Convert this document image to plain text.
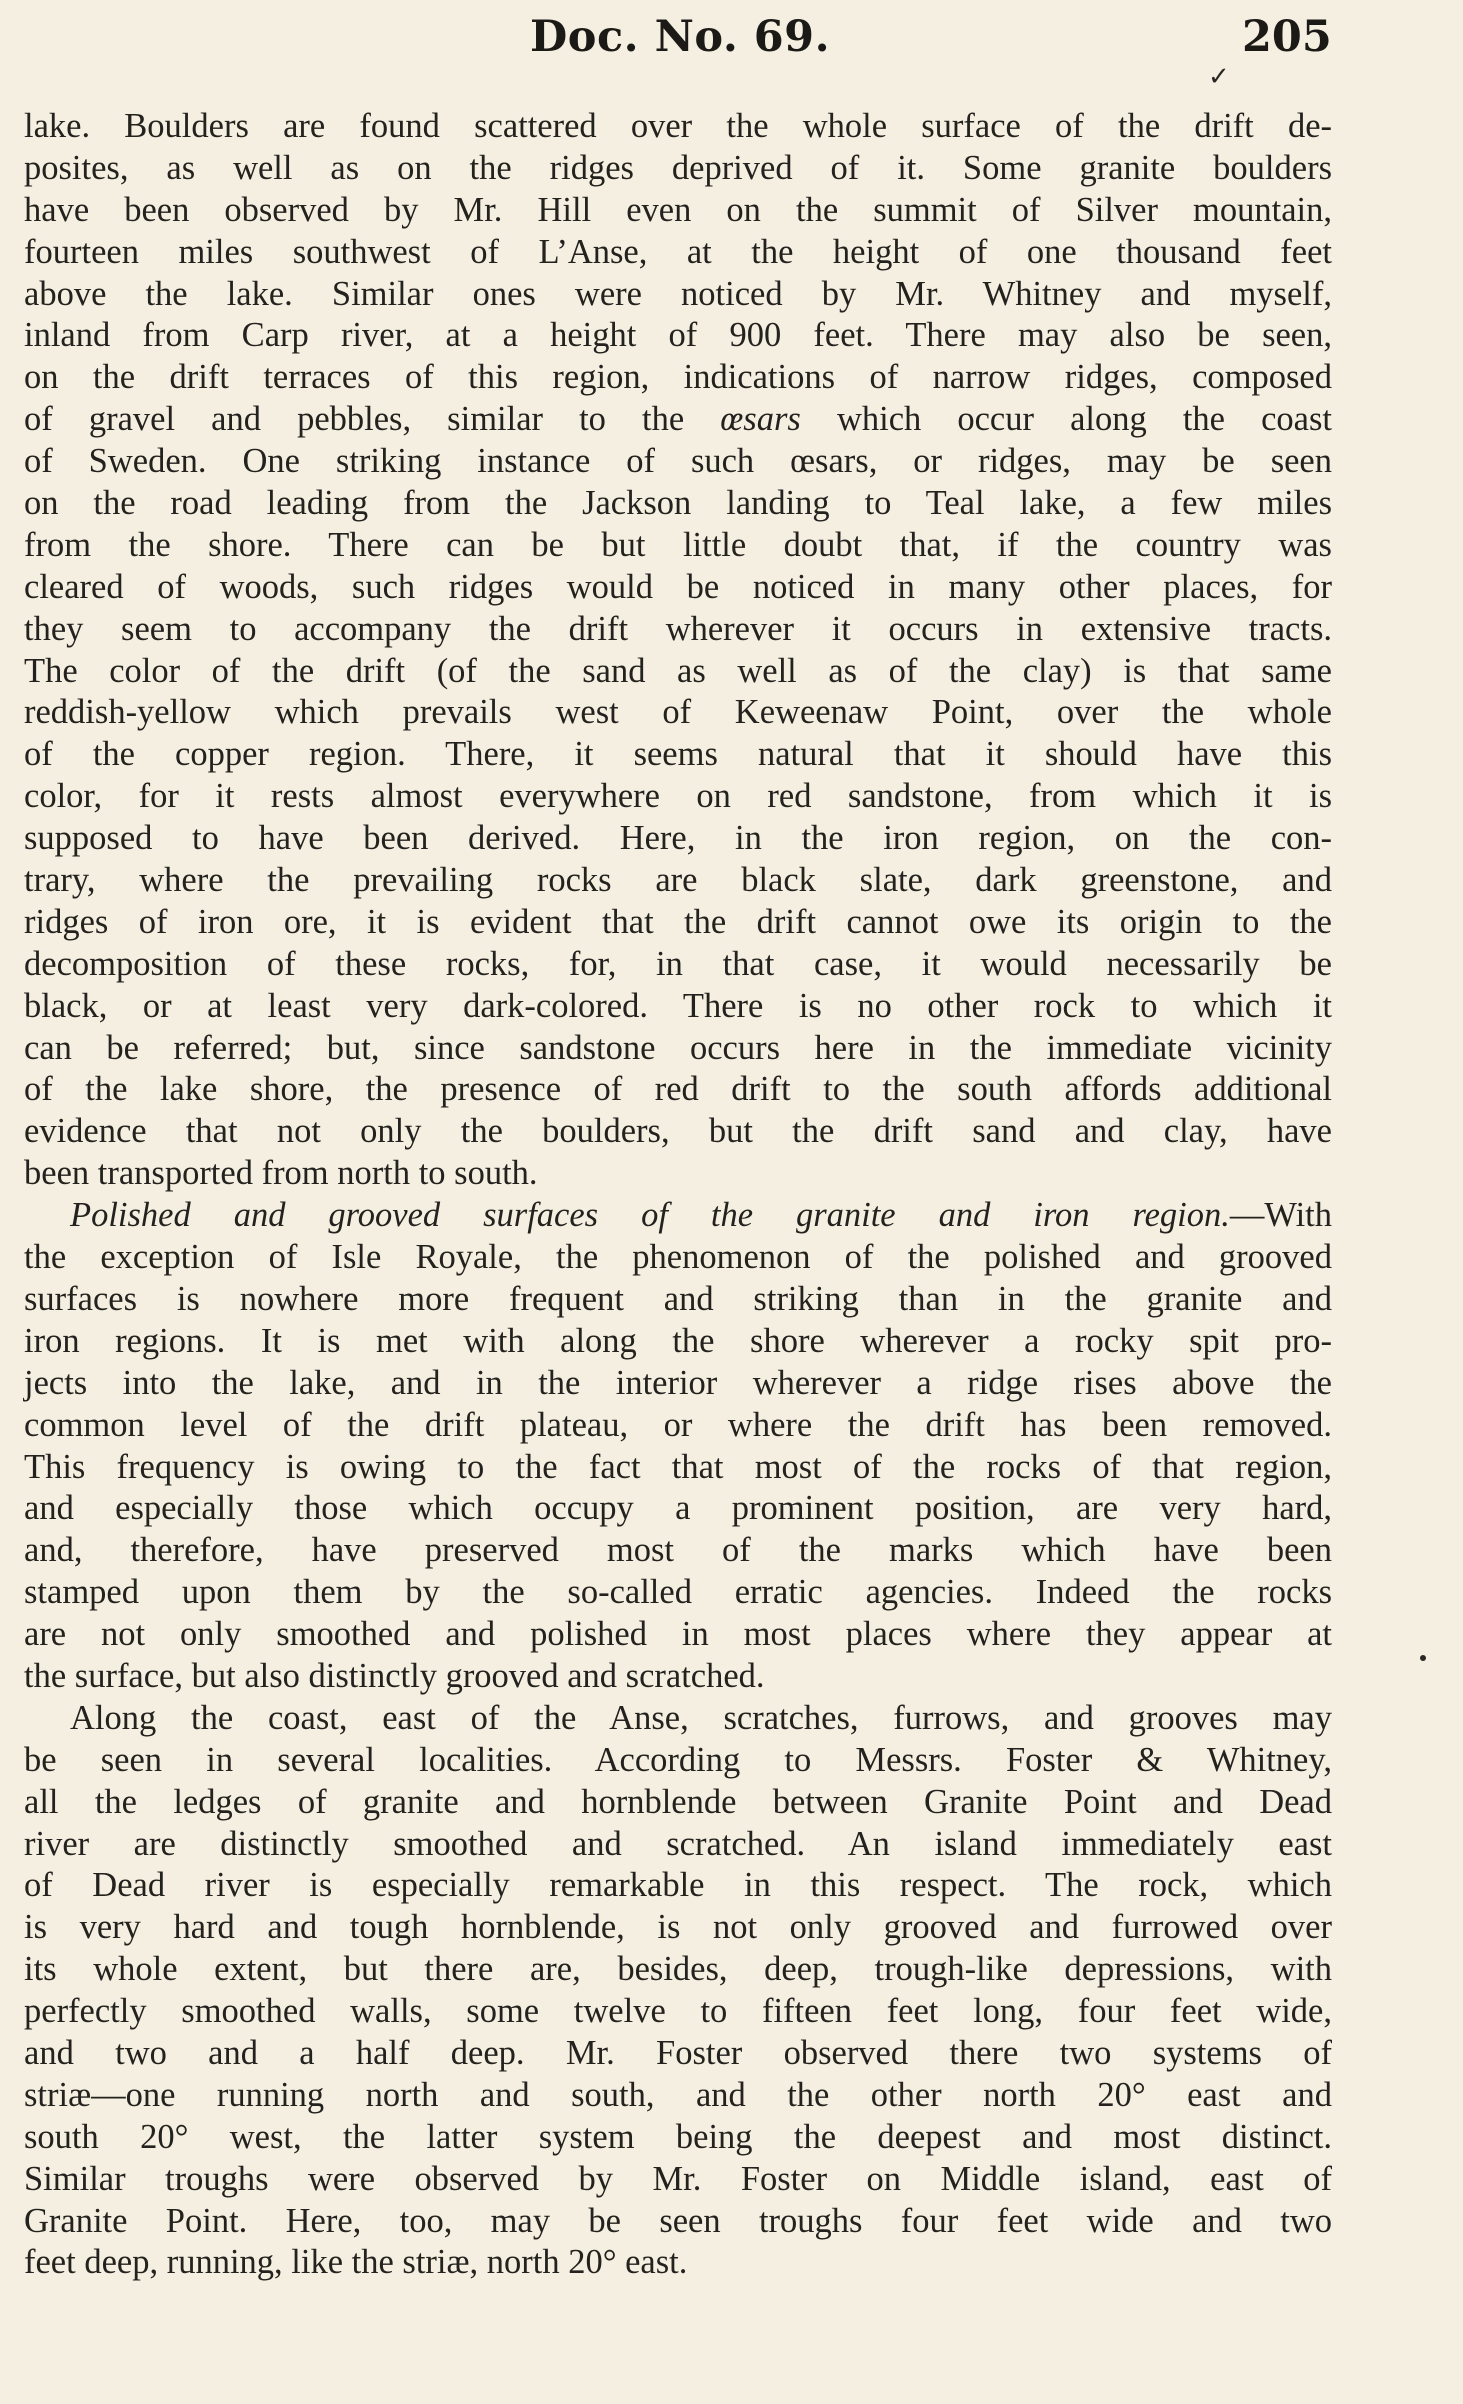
Doc. No. 69.	205
✓
lake. Boulders are found scattered over the whole surface of the drift de-
posites, as well as on the ridges deprived of it. Some granite boulders
have been observed by Mr. Hill even on the summit of Silver mountain,
fourteen miles southwest of L’Anse, at the height of one thousand feet
above the lake. Similar ones were noticed by Mr. Whitney and myself,
inland from Carp river, at a height of 900 feet. There may also be seen,
on the drift terraces of this region, indications of narrow ridges, composed
of gravel and pebbles, similar to the œsars which occur along the coast
of Sweden. One striking instance of such œsars, or ridges, may be seen
on the road leading from the Jackson landing to Teal lake, a few miles
from the shore. There can be but little doubt that, if the country was
cleared of woods, such ridges would be noticed in many other places, for
they seem to accompany the drift wherever it occurs in extensive tracts.
The color of the drift (of the sand as well as of the clay) is that same
reddish-yellow which prevails west of Keweenaw Point, over the whole
of the copper region. There, it seems natural that it should have this
color, for it rests almost everywhere on red sandstone, from which it is
supposed to have been derived. Here, in the iron region, on the con-
trary, where the prevailing rocks are black slate, dark greenstone, and
ridges of iron ore, it is evident that the drift cannot owe its origin to the
decomposition of these rocks, for, in that case, it would necessarily be
black, or at least very dark-colored. There is no other rock to which it
can be referred; but, since sandstone occurs here in the immediate vicinity
of the lake shore, the presence of red drift to the south affords additional
evidence that not only the boulders, but the drift sand and clay, have
been transported from north to south.
Polished and grooved surfaces of the granite and iron region.—With
the exception of Isle Royale, the phenomenon of the polished and grooved
surfaces is nowhere more frequent and striking than in the granite and
iron regions. It is met with along the shore wherever a rocky spit pro-
jects into the lake, and in the interior wherever a ridge rises above the
common level of the drift plateau, or where the drift has been removed.
This frequency is owing to the fact that most of the rocks of that region,
and especially those which occupy a prominent position, are very hard,
and, therefore, have preserved most of the marks which have been
stamped upon them by the so-called erratic agencies. Indeed the rocks
are not only smoothed and polished in most places where they appear at
the surface, but also distinctly grooved and scratched.
Along the coast, east of the Anse, scratches, furrows, and grooves may
be seen in several localities. According to Messrs. Foster & Whitney,
all the ledges of granite and hornblende between Granite Point and Dead
river are distinctly smoothed and scratched. An island immediately east
of Dead river is especially remarkable in this respect. The rock, which
is very hard and tough hornblende, is not only grooved and furrowed over
its whole extent, but there are, besides, deep, trough-like depressions, with
perfectly smoothed walls, some twelve to fifteen feet long, four feet wide,
and two and a half deep. Mr. Foster observed there two systems of
striæ—one running north and south, and the other north 20° east and
south 20° west, the latter system being the deepest and most distinct.
Similar troughs were observed by Mr. Foster on Middle island, east of
Granite Point. Here, too, may be seen troughs four feet wide and two
feet deep, running, like the striæ, north 20° east.
